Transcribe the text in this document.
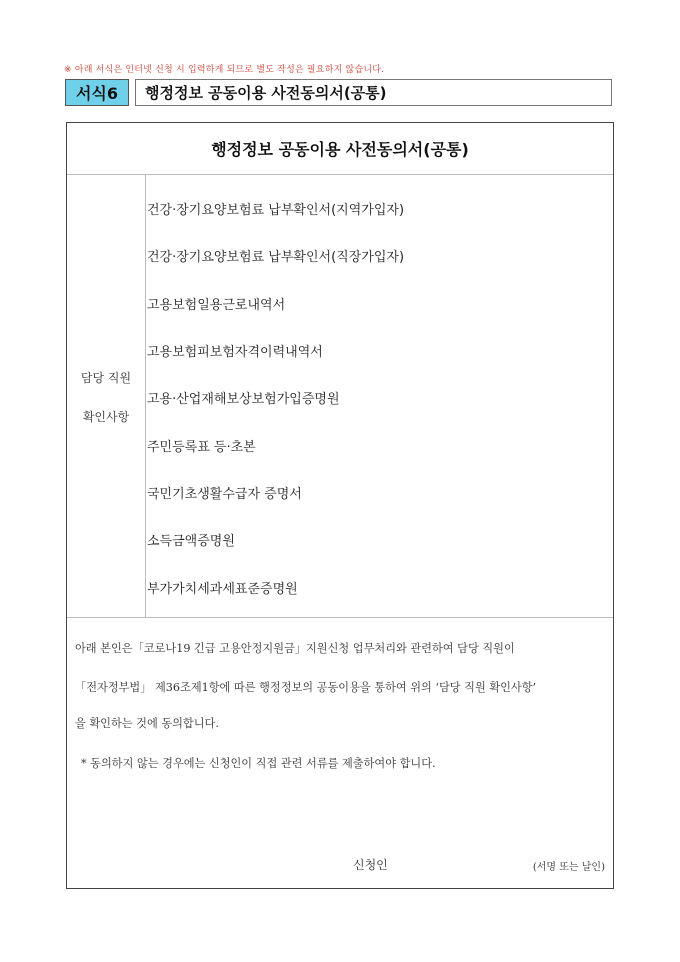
※ 아래 서식은 인터넷 신청 시 입력하게 되므로 별도 작성은 필요하지 않습니다.
서식6	행정정보 공동이용 사전동의서(공통)
행정정보 공동이용 사전동의서(공통)
담당 직원
확인사항
건강·장기요양보험료 납부확인서(지역가입자)
건강·장기요양보험료 납부확인서(직장가입자)
고용보험일용근로내역서
고용보험피보험자격이력내역서
고용·산업재해보상보험가입증명원
주민등록표 등·초본
국민기초생활수급자 증명서
소득금액증명원
부가가치세과세표준증명원
아래 본인은「코로나19 긴급 고용안정지원금」지원신청 업무처리와 관련하여 담당 직원이
「전자정부법」 제36조제1항에 따른 행정정보의 공동이용을 통하여 위의 ‘담당 직원 확인사항’
을 확인하는 것에 동의합니다.
* 동의하지 않는 경우에는 신청인이 직접 관련 서류를 제출하여야 합니다.
신청인	(서명 또는 날인)
